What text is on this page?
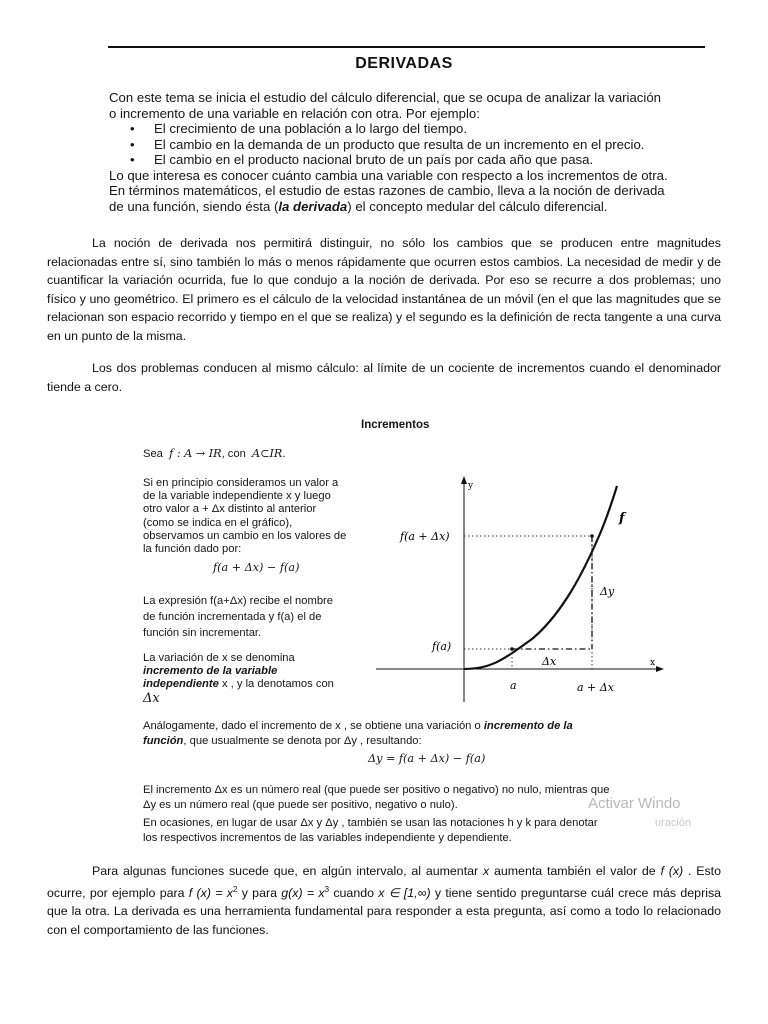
DERIVADAS
Con este tema se inicia el estudio del cálculo diferencial, que se ocupa de analizar la variación
o incremento de una variable en relación con otra. Por ejemplo:
• El crecimiento de una población a lo largo del tiempo.
• El cambio en la demanda de un producto que resulta de un incremento en el precio.
• El cambio en el producto nacional bruto de un país por cada año que pasa.
Lo que interesa es conocer cuánto cambia una variable con respecto a los incrementos de otra.
En términos matemáticos, el estudio de estas razones de cambio, lleva a la noción de derivada
de una función, siendo ésta (la derivada) el concepto medular del cálculo diferencial.

La noción de derivada nos permitirá distinguir, no sólo los cambios que se producen entre magnitudes relacionadas entre sí, sino también lo más o menos rápidamente que ocurren estos cambios. La necesidad de medir y de cuantificar la variación ocurrida, fue lo que condujo a la noción de derivada. Por eso se recurre a dos problemas; uno físico y uno geométrico. El primero es el cálculo de la velocidad instantánea de un móvil (en el que las magnitudes que se relacionan son espacio recorrido y tiempo en el que se realiza) y el segundo es la definición de recta tangente a una curva en un punto de la misma.

Los dos problemas conducen al mismo cálculo: al límite de un cociente de incrementos cuando el denominador tiende a cero.

Incrementos
Sea f : A → IR, con A⊂IR.
Si en principio consideramos un valor a
de la variable independiente x y luego
otro valor a + Δx distinto al anterior
(como se indica en el gráfico),
observamos un cambio en los valores de
la función dado por:
f(a + Δx) − f(a)
La expresión f(a+Δx) recibe el nombre
de función incrementada y f(a) el de
función sin incrementar.
La variación de x se denomina
incremento de la variable
independiente x , y la denotamos con
Δx
y
x
f(a + Δx)
f(a)
f
Δy
Δx
a	a + Δx
Análogamente, dado el incremento de x , se obtiene una variación o incremento de la
función, que usualmente se denota por Δy , resultando:
Δy = f(a + Δx) − f(a)
El incremento Δx es un número real (que puede ser positivo o negativo) no nulo, mientras que
Δy es un número real (que puede ser positivo, negativo o nulo).
En ocasiones, en lugar de usar Δx y Δy , también se usan las notaciones h y k para denotar
los respectivos incrementos de las variables independiente y dependiente.
Activar Windo
uración

Para algunas funciones sucede que, en algún intervalo, al aumentar x aumenta también el valor de f (x) . Esto ocurre, por ejemplo para f $(x) = x^2$ y para $g(x) = x^3$ cuando x ∈ [1,∞) y tiene sentido preguntarse cuál crece más deprisa que la otra. La derivada es una herramienta fundamental para responder a esta pregunta, así como a todo lo relacionado con el comportamiento de las funciones.
